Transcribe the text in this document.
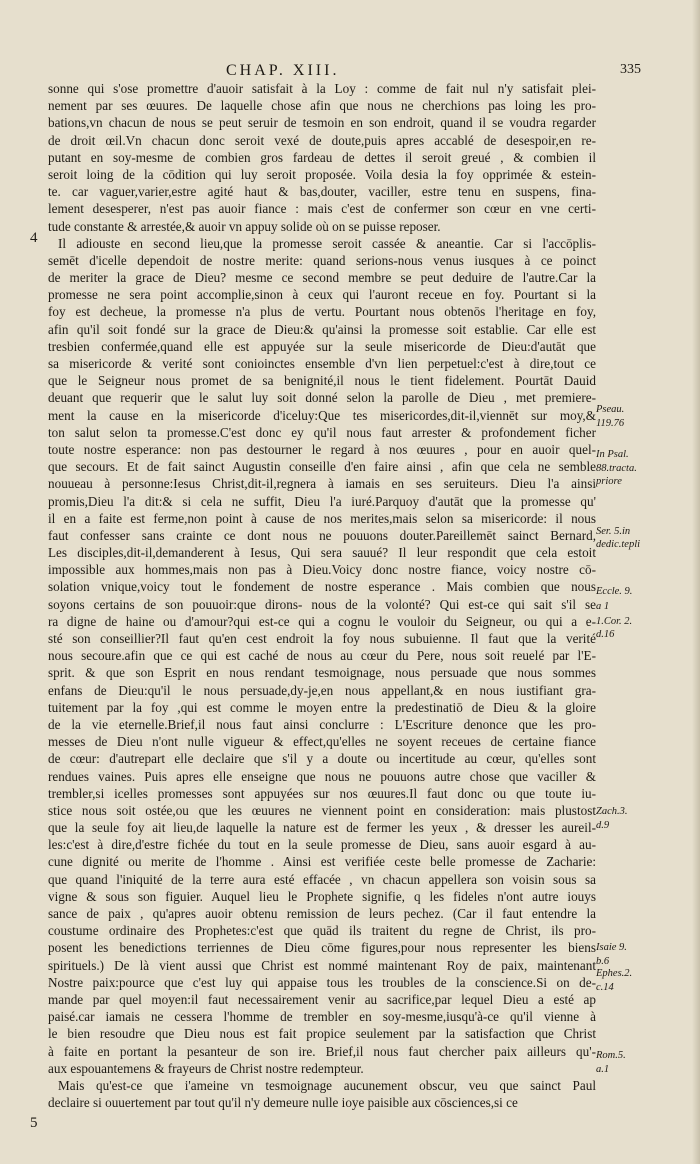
CHAP. XIII.	335
4
5
sonne qui s'ose promettre d'auoir satisfait à la Loy : comme de fait nul n'y satisfait plei-
nement par ses œuures. De laquelle chose afin que nous ne cherchions pas loing les pro-
bations,vn chacun de nous se peut seruir de tesmoin en son endroit, quand il se voudra regarder
de droit œil.Vn chacun donc seroit vexé de doute,puis apres accablé de desespoir,en re-
putant en soy-mesme de combien gros fardeau de dettes il seroit greué , & combien il
seroit loing de la cōdition qui luy seroit proposée. Voila desia la foy opprimée & estein-
te. car vaguer,varier,estre agité haut & bas,douter, vaciller, estre tenu en suspens, fina-
lement desesperer, n'est pas auoir fiance : mais c'est de confermer son cœur en vne certi-
tude constante & arrestée,& auoir vn appuy solide où on se puisse reposer.
Il adiouste en second lieu,que la promesse seroit cassée & aneantie. Car si l'accōplis-
semēt d'icelle dependoit de nostre merite: quand serions-nous venus iusques à ce poinct
de meriter la grace de Dieu? mesme ce second membre se peut deduire de l'autre.Car la
promesse ne sera point accomplie,sinon à ceux qui l'auront receue en foy. Pourtant si la
foy est decheue, la promesse n'a plus de vertu. Pourtant nous obtenōs l'heritage en foy,
afin qu'il soit fondé sur la grace de Dieu:& qu'ainsi la promesse soit establie. Car elle est
tresbien confermée,quand elle est appuyée sur la seule misericorde de Dieu:d'autāt que
sa misericorde & verité sont conioinctes ensemble d'vn lien perpetuel:c'est à dire,tout ce
que le Seigneur nous promet de sa benignité,il nous le tient fidelement. Pourtāt Dauid
deuant que requerir que le salut luy soit donné selon la parolle de Dieu , met premiere-
ment la cause en la misericorde d'iceluy:Que tes misericordes,dit-il,viennēt sur moy,&
ton salut selon ta promesse.C'est donc ey qu'il nous faut arrester & profondement ficher
toute nostre esperance: non pas destourner le regard à nos œuures , pour en auoir quel-
que secours. Et de fait sainct Augustin conseille d'en faire ainsi , afin que cela ne semble
nouueau à personne:Iesus Christ,dit-il,regnera à iamais en ses seruiteurs. Dieu l'a ainsi
promis,Dieu l'a dit:& si cela ne suffit, Dieu l'a iuré.Parquoy d'autāt que la promesse qu'
il en a faite est ferme,non point à cause de nos merites,mais selon sa misericorde: il nous
faut confesser sans crainte ce dont nous ne pouuons douter.Pareillemēt sainct Bernard,
Les disciples,dit-il,demanderent à Iesus, Qui sera sauué? Il leur respondit que cela estoit
impossible aux hommes,mais non pas à Dieu.Voicy donc nostre fiance, voicy nostre cō-
solation vnique,voicy tout le fondement de nostre esperance . Mais combien que nous
soyons certains de son pouuoir:que dirons- nous de la volonté? Qui est-ce qui sait s'il se
ra digne de haine ou d'amour?qui est-ce qui a cognu le vouloir du Seigneur, ou qui a e-
sté son conseillier?Il faut qu'en cest endroit la foy nous subuienne. Il faut que la verité
nous secoure.afin que ce qui est caché de nous au cœur du Pere, nous soit reuelé par l'E-
sprit. & que son Esprit en nous rendant tesmoignage, nous persuade que nous sommes
enfans de Dieu:qu'il le nous persuade,dy-je,en nous appellant,& en nous iustifiant gra-
tuitement par la foy ,qui est comme le moyen entre la predestinatiō de Dieu & la gloire
de la vie eternelle.Brief,il nous faut ainsi conclurre : L'Escriture denonce que les pro-
messes de Dieu n'ont nulle vigueur & effect,qu'elles ne soyent receues de certaine fiance
de cœur: d'autrepart elle declaire que s'il y a doute ou incertitude au cœur, qu'elles sont
rendues vaines. Puis apres elle enseigne que nous ne pouuons autre chose que vaciller &
trembler,si icelles promesses sont appuyées sur nos œuures.Il faut donc ou que toute iu-
stice nous soit ostée,ou que les œuures ne viennent point en consideration: mais plustost
que la seule foy ait lieu,de laquelle la nature est de fermer les yeux , & dresser les aureil-
les:c'est à dire,d'estre fichée du tout en la seule promesse de Dieu, sans auoir esgard à au-
cune dignité ou merite de l'homme . Ainsi est verifiée ceste belle promesse de Zacharie:
que quand l'iniquité de la terre aura esté effacée , vn chacun appellera son voisin sous sa
vigne & sous son figuier. Auquel lieu le Prophete signifie, q les fideles n'ont autre iouys
sance de paix , qu'apres auoir obtenu remission de leurs pechez. (Car il faut entendre la
coustume ordinaire des Prophetes:c'est que quād ils traitent du regne de Christ, ils pro-
posent les benedictions terriennes de Dieu cōme figures,pour nous representer les biens
spirituels.) De là vient aussi que Christ est nommé maintenant Roy de paix, maintenant
Nostre paix:pource que c'est luy qui appaise tous les troubles de la conscience.Si on de-
mande par quel moyen:il faut necessairement venir au sacrifice,par lequel Dieu a esté ap
paisé.car iamais ne cessera l'homme de trembler en soy-mesme,iusqu'à-ce qu'il vienne à
le bien resoudre que Dieu nous est fait propice seulement par la satisfaction que Christ
à faite en portant la pesanteur de son ire. Brief,il nous faut chercher paix ailleurs qu'-
aux espouantemens & frayeurs de Christ nostre redempteur.
Mais qu'est-ce que i'ameine vn tesmoignage aucunement obscur, veu que sainct Paul
declaire si ouuertement par tout qu'il n'y demeure nulle ioye paisible aux cōsciences,si ce
Pseau.
119.76
In Psal.
88.tracta.
priore
Ser. 5.in
dedic.tepli
Eccle. 9.
a 1
1.Cor. 2.
d.16
Zach.3.
d.9
Isaie 9.
b.6
Ephes.2.
c.14
Rom.5.
a.1
